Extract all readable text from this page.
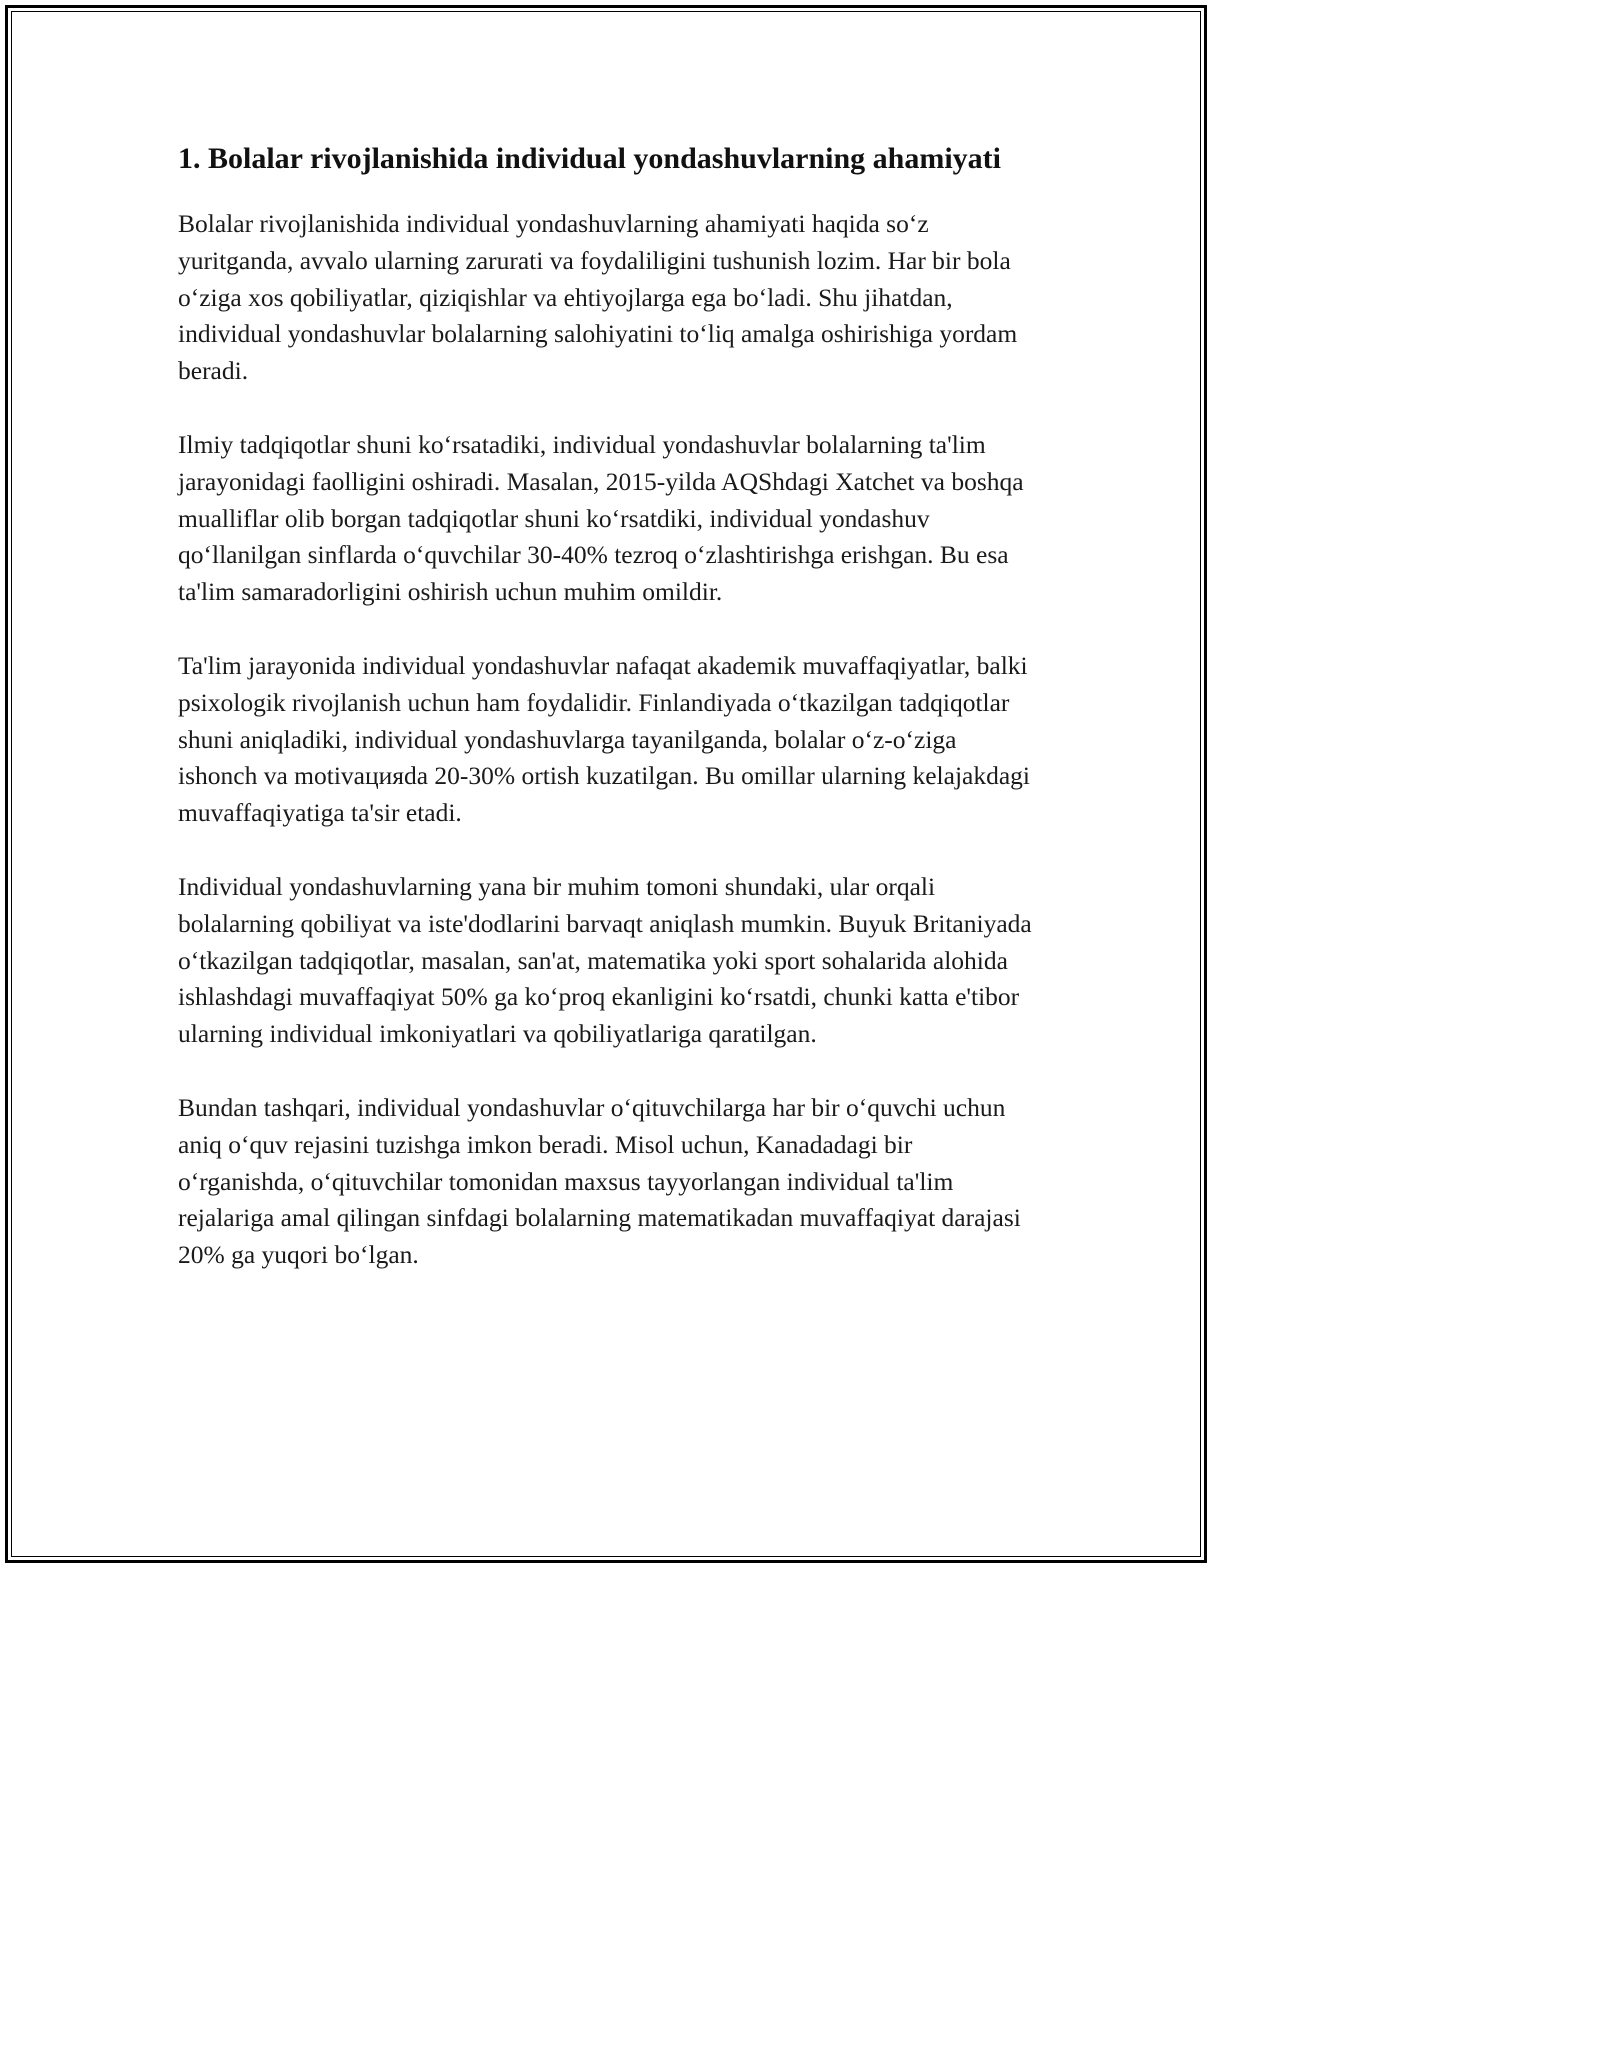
1. Bolalar rivojlanishida individual yondashuvlarning ahamiyati

Bolalar rivojlanishida individual yondashuvlarning ahamiyati haqida so‘z yuritganda, avvalo ularning zarurati va foydaliligini tushunish lozim. Har bir bola o‘ziga xos qobiliyatlar, qiziqishlar va ehtiyojlarga ega bo‘ladi. Shu jihatdan, individual yondashuvlar bolalarning salohiyatini to‘liq amalga oshirishiga yordam beradi.

Ilmiy tadqiqotlar shuni ko‘rsatadiki, individual yondashuvlar bolalarning ta'lim jarayonidagi faolligini oshiradi. Masalan, 2015-yilda AQShdagi Xatchet va boshqa mualliflar olib borgan tadqiqotlar shuni ko‘rsatdiki, individual yondashuv qo‘llanilgan sinflarda o‘quvchilar 30-40% tezroq o‘zlashtirishga erishgan. Bu esa ta'lim samaradorligini oshirish uchun muhim omildir.

Ta'lim jarayonida individual yondashuvlar nafaqat akademik muvaffaqiyatlar, balki psixologik rivojlanish uchun ham foydalidir. Finlandiyada o‘tkazilgan tadqiqotlar shuni aniqladiki, individual yondashuvlarga tayanilganda, bolalar o‘z-o‘ziga ishonch va motivацияda 20-30% ortish kuzatilgan. Bu omillar ularning kelajakdagi muvaffaqiyatiga ta'sir etadi.

Individual yondashuvlarning yana bir muhim tomoni shundaki, ular orqali bolalarning qobiliyat va iste'dodlarini barvaqt aniqlash mumkin. Buyuk Britaniyada o‘tkazilgan tadqiqotlar, masalan, san'at, matematika yoki sport sohalarida alohida ishlashdagi muvaffaqiyat 50% ga ko‘proq ekanligini ko‘rsatdi, chunki katta e'tibor ularning individual imkoniyatlari va qobiliyatlariga qaratilgan.

Bundan tashqari, individual yondashuvlar o‘qituvchilarga har bir o‘quvchi uchun aniq o‘quv rejasini tuzishga imkon beradi. Misol uchun, Kanadadagi bir o‘rganishda, o‘qituvchilar tomonidan maxsus tayyorlangan individual ta'lim rejalariga amal qilingan sinfdagi bolalarning matematikadan muvaffaqiyat darajasi 20% ga yuqori bo‘lgan.
